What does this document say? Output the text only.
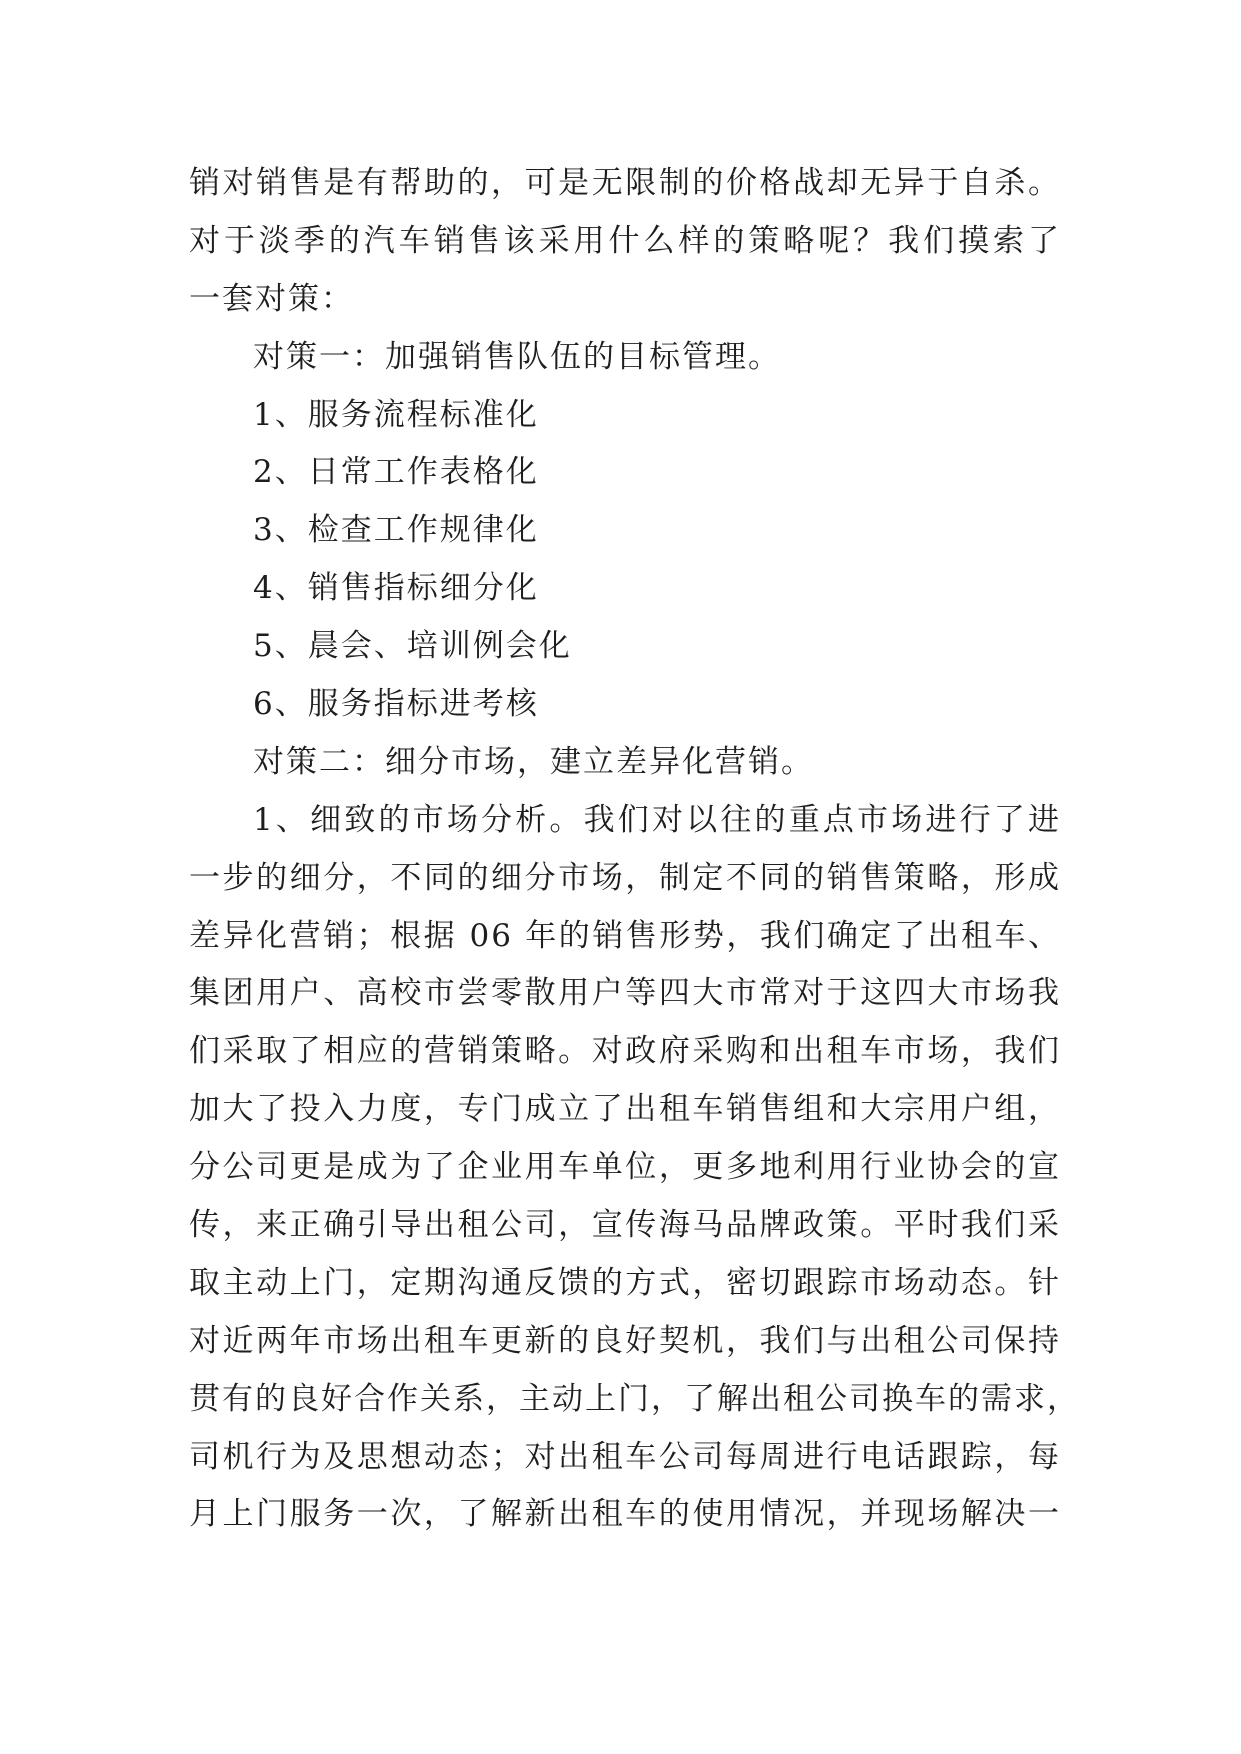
销对销售是有帮助的，可是无限制的价格战却无异于自杀。
对于淡季的汽车销售该采用什么样的策略呢？我们摸索了
一套对策：
对策一：加强销售队伍的目标管理。
1、服务流程标准化
2、日常工作表格化
3、检查工作规律化
4、销售指标细分化
5、晨会、培训例会化
6、服务指标进考核
对策二：细分市场，建立差异化营销。
1、细致的市场分析。我们对以往的重点市场进行了进
一步的细分，不同的细分市场，制定不同的销售策略，形成
差异化营销；根据 06 年的销售形势，我们确定了出租车、
集团用户、高校市尝零散用户等四大市常对于这四大市场我
们采取了相应的营销策略。对政府采购和出租车市场，我们
加大了投入力度，专门成立了出租车销售组和大宗用户组，
分公司更是成为了企业用车单位，更多地利用行业协会的宣
传，来正确引导出租公司，宣传海马品牌政策。平时我们采
取主动上门，定期沟通反馈的方式，密切跟踪市场动态。针
对近两年市场出租车更新的良好契机，我们与出租公司保持
贯有的良好合作关系，主动上门，了解出租公司换车的需求，
司机行为及思想动态；对出租车公司每周进行电话跟踪，每
月上门服务一次，了解新出租车的使用情况，并现场解决一
